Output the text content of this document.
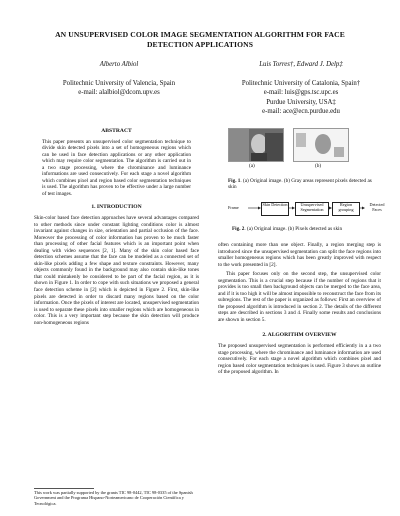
AN UNSUPERVISED COLOR IMAGE SEGMENTATION ALGORITHM FOR FACE
DETECTION APPLICATIONS
Alberto Albiol
Politechnic University of Valencia, Spain
e-mail: alalbiol@dcom.upv.es
Luis Torres†, Edward J. Delp‡
Politechnic University of Catalonia, Spain†
e-mail: luis@gps.tsc.upc.es
Purdue University, USA‡
e-mail: ace@ecn.purdue.edu
ABSTRACT

This paper presents an unsupervised color segmentation technique to divide skin detected pixels into a set of homogeneous regions which can be used in face detection applications or any other application which may require color segmentation. The algorithm is carried out in a two stage processing, where the chrominance and luminance informations are used consecutively. For each stage a novel algorithm which combines pixel and region based color segmentation techniques is used. The algorithm has proven to be effective under a large number of test images.

1. INTRODUCTION

Skin-color based face detection approaches have several advantages compared to other methods since under constant lighting conditions color is almost invariant against changes in size, orientation and partial occlusion of the face. Moreover the processing of color information has proven to be much faster than processing of other facial features which is an important point when dealing with video sequences [2, 1]. Many of the skin color based face detection schemes assume that the face can be modeled as a connected set of skin-like pixels adding a few shape and texture constraints. However, many objects commonly found in the background may also contain skin-like tones that could mistakenly be considered to be part of the facial region, as it is shown in Figure 1. In order to cope with such situations we proposed a general face detection scheme in [2] which is depicted in Figure 2. First, skin-like pixels are detected in order to discard many regions based on the color information. Once the pixels of interest are located, unsupervised segmentation is used to separate these pixels into smaller regions which are homogeneous in color. This is a very important step because the skin detection will produce non-homogeneous regions

This work was partially supported by the grants TIC 98-0442, TIC 98-0335 of the Spanish Government and the Programa Hispano-Norteamericano de Cooperación Científica y Tecnológica.
(a)	(b)
Fig. 1. (a) Original image. (b) Gray areas represent pixels detected as skin
Frame
Skin Detection	Unsupervised Segmentation
Region grouping
Detected Faces
Fig. 2. (a) Original image. (b) Pixels detected as skin

often containing more than one object. Finally, a region merging step is introduced since the unsupervised segmentation can split the face regions into smaller homogeneous regions which has been greatly improved with respect to the work presented in [2].

This paper focuses only on the second step, the unsupervised color segmentation. This is a crucial step because if the number of regions that it provides is too small then background objects can be merged to the face area, and if it is too high it will be almost impossible to reconstruct the face from its subregions. The rest of the paper is organized as follows: First an overview of the proposed algorithm is introduced in section 2. The details of the different steps are described in sections 3 and 4. Finally some results and conclusions are shown in section 5.

2. ALGORITHM OVERVIEW

The proposed unsupervised segmentation is performed efficiently in a a two stage processing, where the chrominance and luminance information are used consecutively. For each stage a novel algorithm which combines pixel and region based color segmentation techniques is used. Figure 3 shows an outline of the proposed algorithm. In
